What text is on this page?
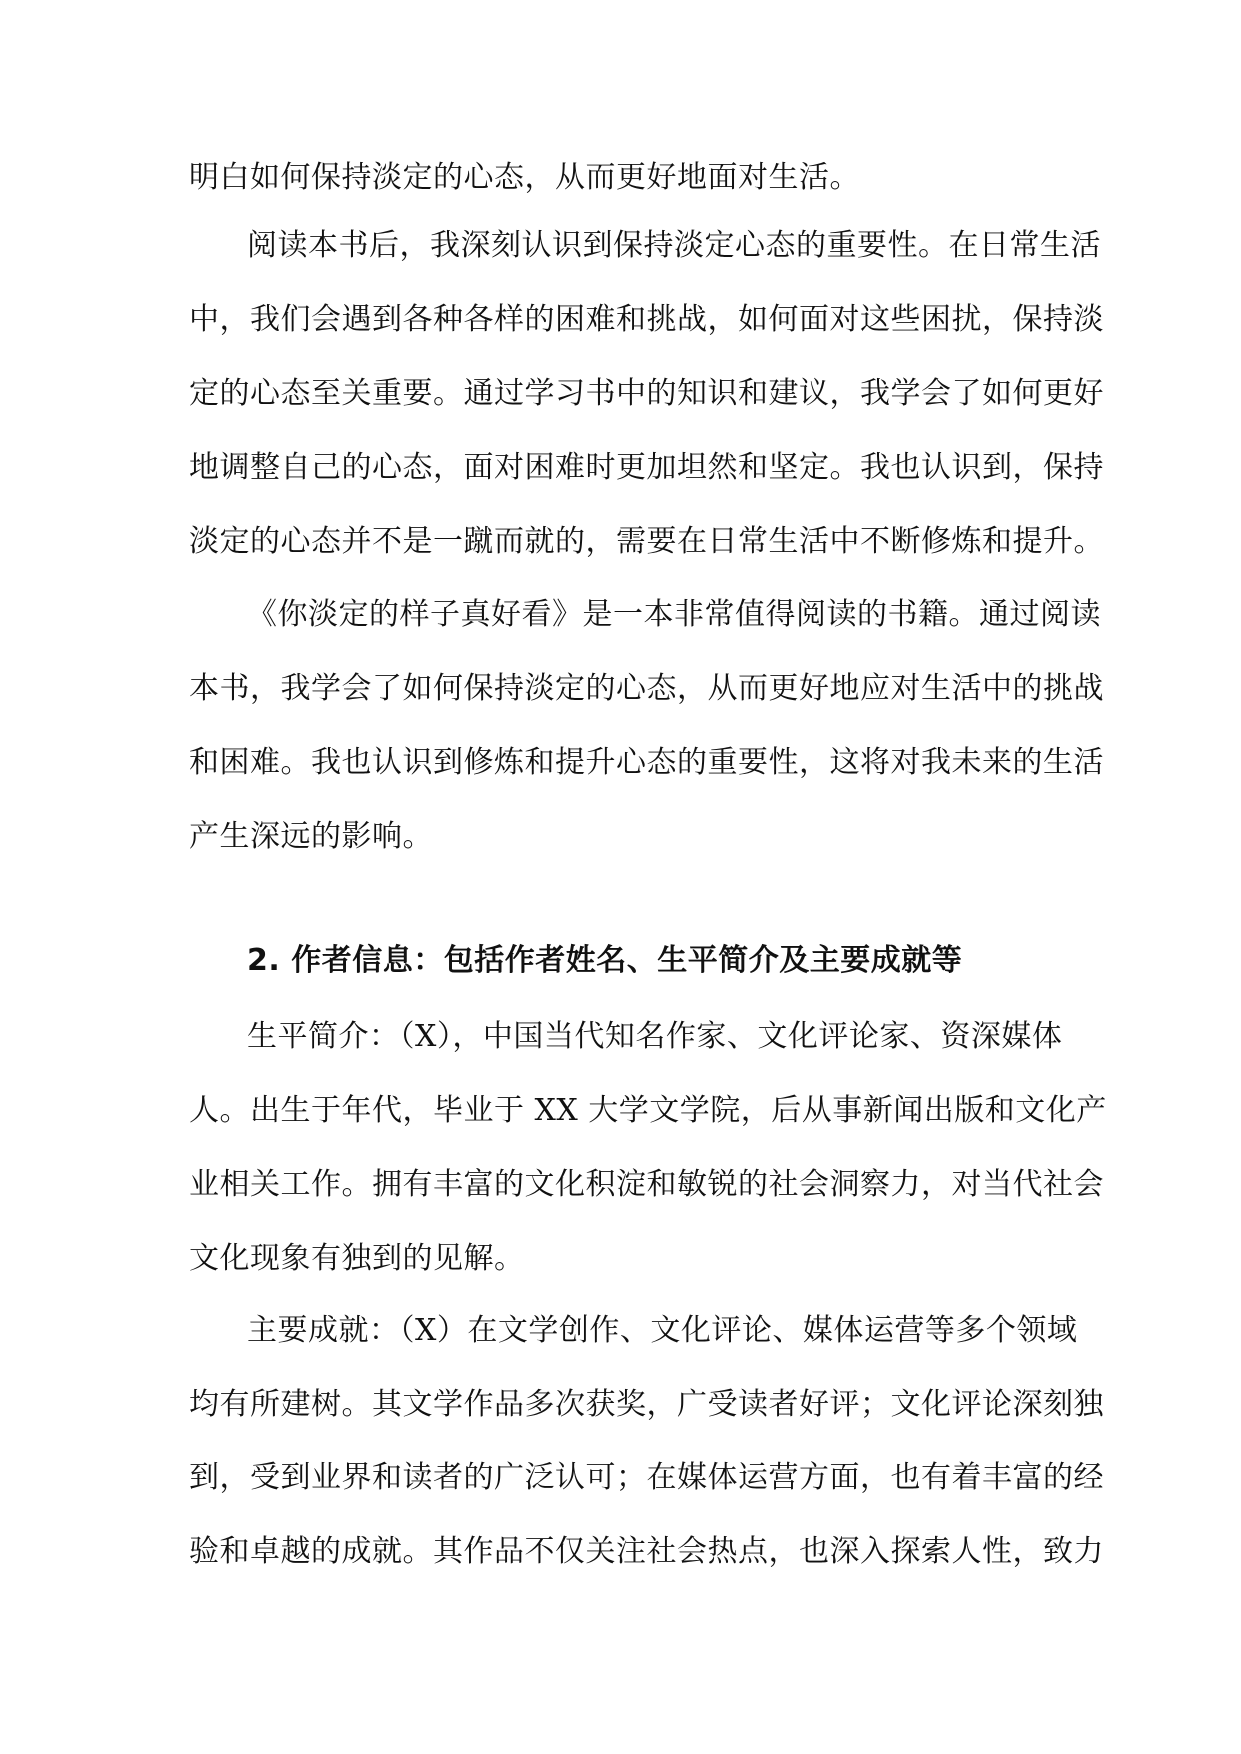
明白如何保持淡定的心态，从而更好地面对生活。
阅读本书后，我深刻认识到保持淡定心态的重要性。在日常生活
中，我们会遇到各种各样的困难和挑战，如何面对这些困扰，保持淡
定的心态至关重要。通过学习书中的知识和建议，我学会了如何更好
地调整自己的心态，面对困难时更加坦然和坚定。我也认识到，保持
淡定的心态并不是一蹴而就的，需要在日常生活中不断修炼和提升。
《你淡定的样子真好看》是一本非常值得阅读的书籍。通过阅读
本书，我学会了如何保持淡定的心态，从而更好地应对生活中的挑战
和困难。我也认识到修炼和提升心态的重要性，这将对我未来的生活
产生深远的影响。
2. 作者信息：包括作者姓名、生平简介及主要成就等
生平简介：（X），中国当代知名作家、文化评论家、资深媒体
人。出生于年代，毕业于 XX 大学文学院，后从事新闻出版和文化产
业相关工作。拥有丰富的文化积淀和敏锐的社会洞察力，对当代社会
文化现象有独到的见解。
主要成就：（X）在文学创作、文化评论、媒体运营等多个领域
均有所建树。其文学作品多次获奖，广受读者好评；文化评论深刻独
到，受到业界和读者的广泛认可；在媒体运营方面，也有着丰富的经
验和卓越的成就。其作品不仅关注社会热点，也深入探索人性，致力
